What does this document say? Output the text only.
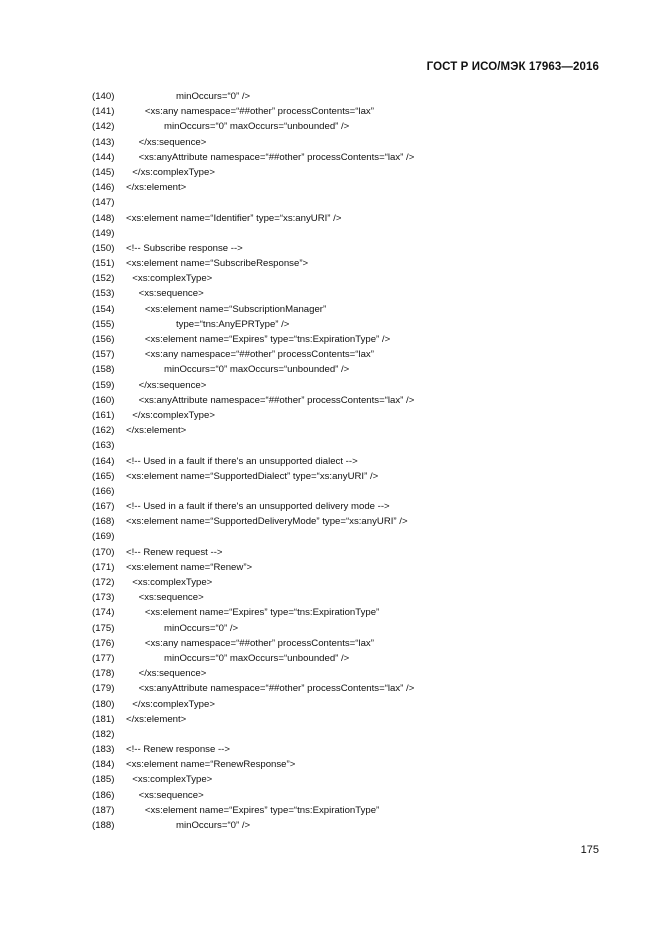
ГОСТ Р ИСО/МЭК 17963—2016
(140)	minOccurs=“0” />
(141)	<xs:any namespace=“##other” processContents=“lax”
(142)	minOccurs=“0” maxOccurs=“unbounded” />
(143)	</xs:sequence>
(144)	<xs:anyAttribute namespace=“##other” processContents=“lax” />
(145) </xs:complexType>
(146) </xs:element>
(147)
(148) <xs:element name=“Identifier” type=“xs:anyURI” />
(149)
(150) <!-- Subscribe response -->
(151) <xs:element name=“SubscribeResponse”>
(152) <xs:complexType>
(153)	<xs:sequence>
(154)	<xs:element name=“SubscriptionManager”
(155)	type=“tns:AnyEPRType” />
(156)	<xs:element name=“Expires” type=“tns:ExpirationType” />
(157)	<xs:any namespace=“##other” processContents=“lax”
(158)	minOccurs=“0” maxOccurs=“unbounded” />
(159)	</xs:sequence>
(160)	<xs:anyAttribute namespace=“##other” processContents=“lax” />
(161) </xs:complexType>
(162) </xs:element>
(163)
(164) <!-- Used in a fault if there's an unsupported dialect -->
(165) <xs:element name=“SupportedDialect” type=“xs:anyURI” />
(166)
(167) <!-- Used in a fault if there's an unsupported delivery mode -->
(168) <xs:element name=“SupportedDeliveryMode” type=“xs:anyURI” />
(169)
(170) <!-- Renew request -->
(171) <xs:element name=“Renew”>
(172) <xs:complexType>
(173)	<xs:sequence>
(174)	<xs:element name=“Expires” type=“tns:ExpirationType”
(175)	minOccurs=“0” />
(176)	<xs:any namespace=“##other” processContents=“lax”
(177)	minOccurs=“0” maxOccurs=“unbounded” />
(178)	</xs:sequence>
(179)	<xs:anyAttribute namespace=“##other” processContents=“lax” />
(180) </xs:complexType>
(181) </xs:element>
(182)
(183) <!-- Renew response -->
(184) <xs:element name=“RenewResponse”>
(185) <xs:complexType>
(186)	<xs:sequence>
(187)	<xs:element name=“Expires” type=“tns:ExpirationType”
(188)	minOccurs=“0” />
175
